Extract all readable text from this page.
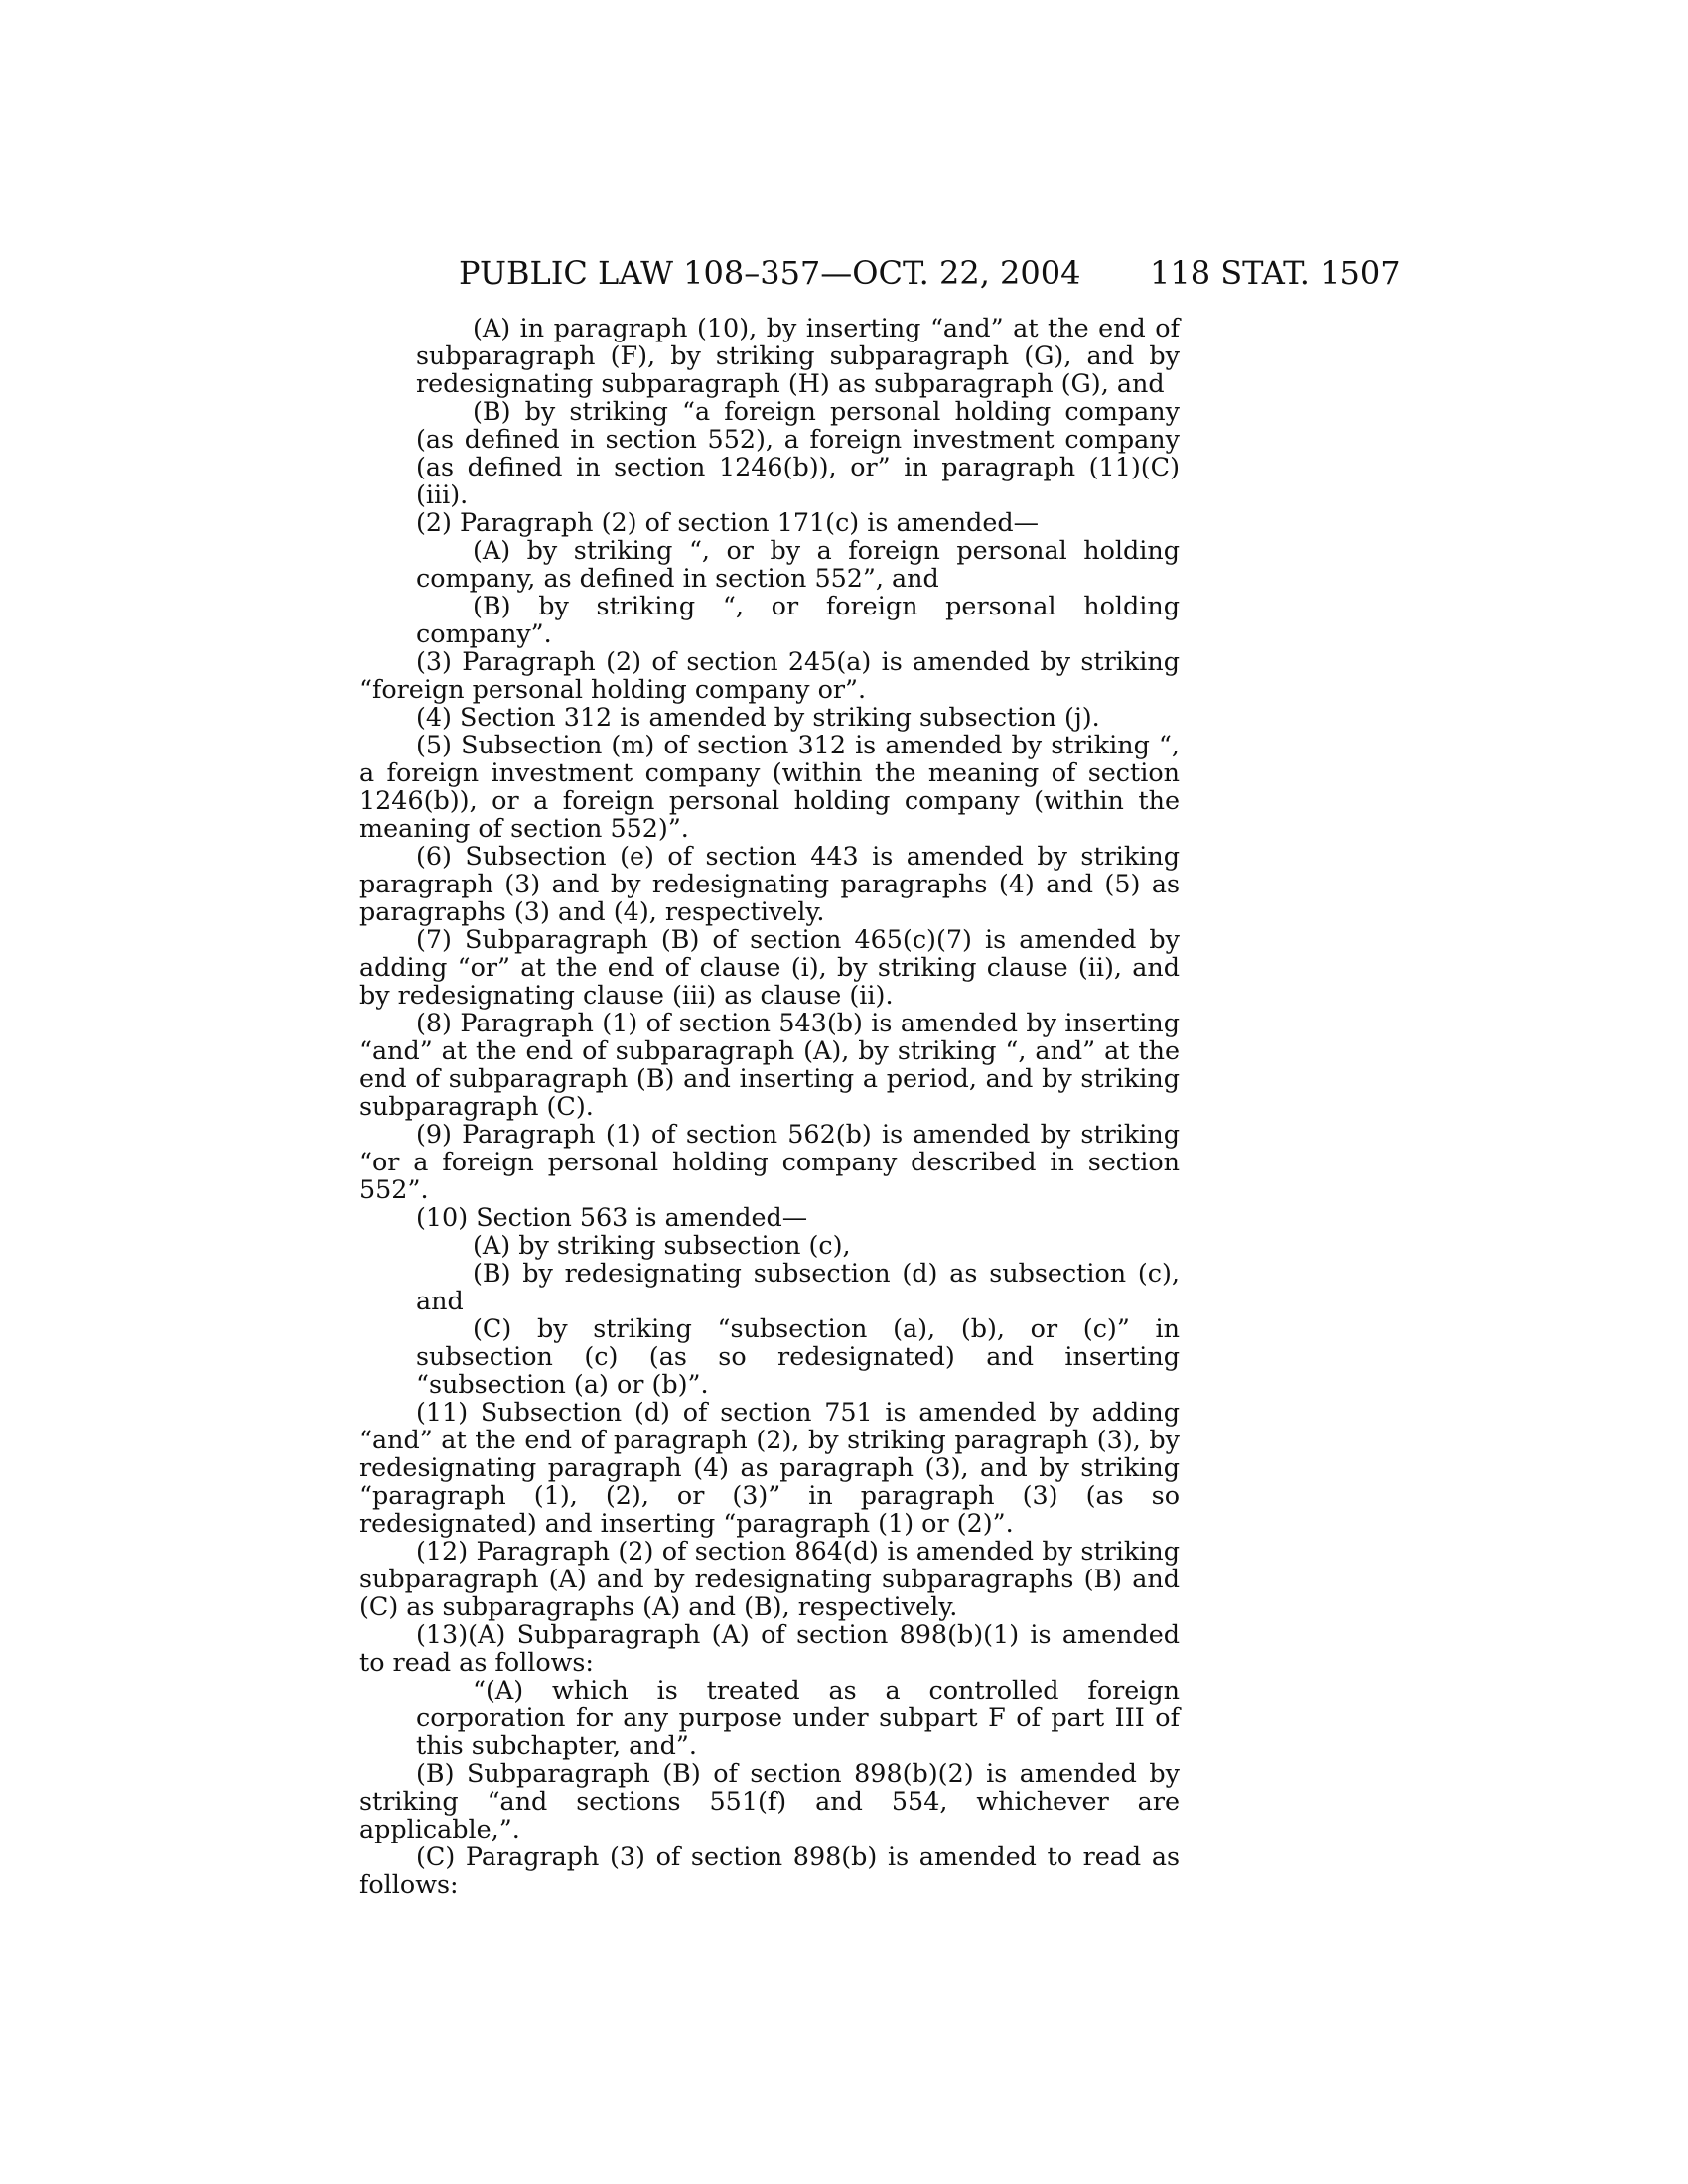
PUBLIC LAW 108–357—OCT. 22, 2004 118 STAT. 1507

(A) in paragraph (10), by inserting “and” at the end of subparagraph (F), by striking subparagraph (G), and by redesignating subparagraph (H) as subparagraph (G), and

(B) by striking “a foreign personal holding company (as defined in section 552), a foreign investment company (as defined in section 1246(b)), or” in paragraph (11)(C)(iii).

(2) Paragraph (2) of section 171(c) is amended—

(A) by striking “, or by a foreign personal holding company, as defined in section 552”, and

(B) by striking “, or foreign personal holding company”.

(3) Paragraph (2) of section 245(a) is amended by striking “foreign personal holding company or”.

(4) Section 312 is amended by striking subsection (j).

(5) Subsection (m) of section 312 is amended by striking “, a foreign investment company (within the meaning of section 1246(b)), or a foreign personal holding company (within the meaning of section 552)”.

(6) Subsection (e) of section 443 is amended by striking paragraph (3) and by redesignating paragraphs (4) and (5) as paragraphs (3) and (4), respectively.

(7) Subparagraph (B) of section 465(c)(7) is amended by adding “or” at the end of clause (i), by striking clause (ii), and by redesignating clause (iii) as clause (ii).

(8) Paragraph (1) of section 543(b) is amended by inserting “and” at the end of subparagraph (A), by striking “, and” at the end of subparagraph (B) and inserting a period, and by striking subparagraph (C).

(9) Paragraph (1) of section 562(b) is amended by striking “or a foreign personal holding company described in section 552”.

(10) Section 563 is amended—

(A) by striking subsection (c),

(B) by redesignating subsection (d) as subsection (c), and

(C) by striking “subsection (a), (b), or (c)” in subsection (c) (as so redesignated) and inserting “subsection (a) or (b)”.

(11) Subsection (d) of section 751 is amended by adding “and” at the end of paragraph (2), by striking paragraph (3), by redesignating paragraph (4) as paragraph (3), and by striking “paragraph (1), (2), or (3)” in paragraph (3) (as so redesignated) and inserting “paragraph (1) or (2)”.

(12) Paragraph (2) of section 864(d) is amended by striking subparagraph (A) and by redesignating subparagraphs (B) and (C) as subparagraphs (A) and (B), respectively.

(13)(A) Subparagraph (A) of section 898(b)(1) is amended to read as follows:

“(A) which is treated as a controlled foreign corporation for any purpose under subpart F of part III of this subchapter, and”.

(B) Subparagraph (B) of section 898(b)(2) is amended by striking “and sections 551(f) and 554, whichever are applicable,”.

(C) Paragraph (3) of section 898(b) is amended to read as follows:
